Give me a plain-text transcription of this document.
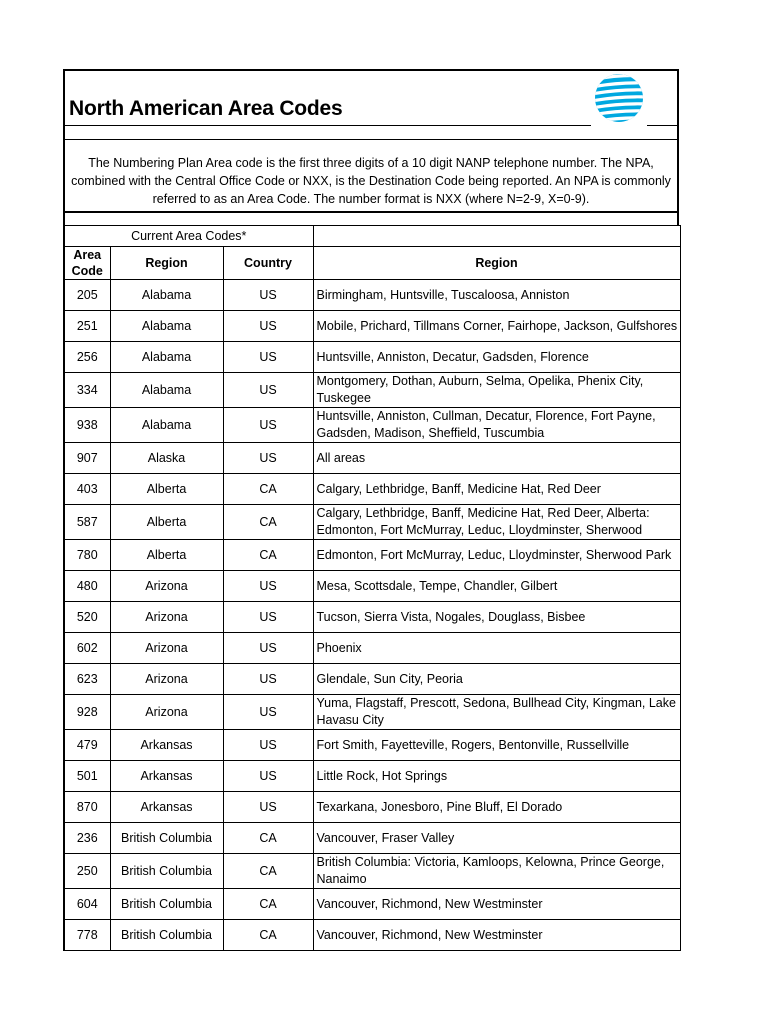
North American Area Codes
The Numbering Plan Area code is the first three digits of a 10 digit NANP telephone number. The NPA, combined with the Central Office Code or NXX, is the Destination Code being reported. An NPA is commonly referred to as an Area Code. The number format is NXX (where N=2-9, X=0-9).
Current Area Codes*			
Area Code	Region	Country	Region
205	Alabama	US	Birmingham, Huntsville, Tuscaloosa, Anniston
251	Alabama	US	Mobile, Prichard, Tillmans Corner, Fairhope, Jackson, Gulfshores
256	Alabama	US	Huntsville, Anniston, Decatur, Gadsden, Florence
334	Alabama	US	Montgomery, Dothan, Auburn, Selma, Opelika, Phenix City, Tuskegee
938	Alabama	US	Huntsville, Anniston, Cullman, Decatur, Florence, Fort Payne, Gadsden, Madison, Sheffield, Tuscumbia
907	Alaska	US	All areas
403	Alberta	CA	Calgary, Lethbridge, Banff, Medicine Hat, Red Deer
587	Alberta	CA	Calgary, Lethbridge, Banff, Medicine Hat, Red Deer, Alberta: Edmonton, Fort McMurray, Leduc, Lloydminster, Sherwood
780	Alberta	CA	Edmonton, Fort McMurray, Leduc, Lloydminster, Sherwood Park
480	Arizona	US	Mesa, Scottsdale, Tempe, Chandler, Gilbert
520	Arizona	US	Tucson, Sierra Vista, Nogales, Douglass, Bisbee
602	Arizona	US	Phoenix
623	Arizona	US	Glendale, Sun City, Peoria
928	Arizona	US	Yuma, Flagstaff, Prescott, Sedona, Bullhead City, Kingman, Lake Havasu City
479	Arkansas	US	Fort Smith, Fayetteville, Rogers, Bentonville, Russellville
501	Arkansas	US	Little Rock, Hot Springs
870	Arkansas	US	Texarkana, Jonesboro, Pine Bluff, El Dorado
236	British Columbia	CA	Vancouver, Fraser Valley
250	British Columbia	CA	British Columbia: Victoria, Kamloops, Kelowna, Prince George, Nanaimo
604	British Columbia	CA	Vancouver, Richmond, New Westminster
778	British Columbia	CA	Vancouver, Richmond, New Westminster
